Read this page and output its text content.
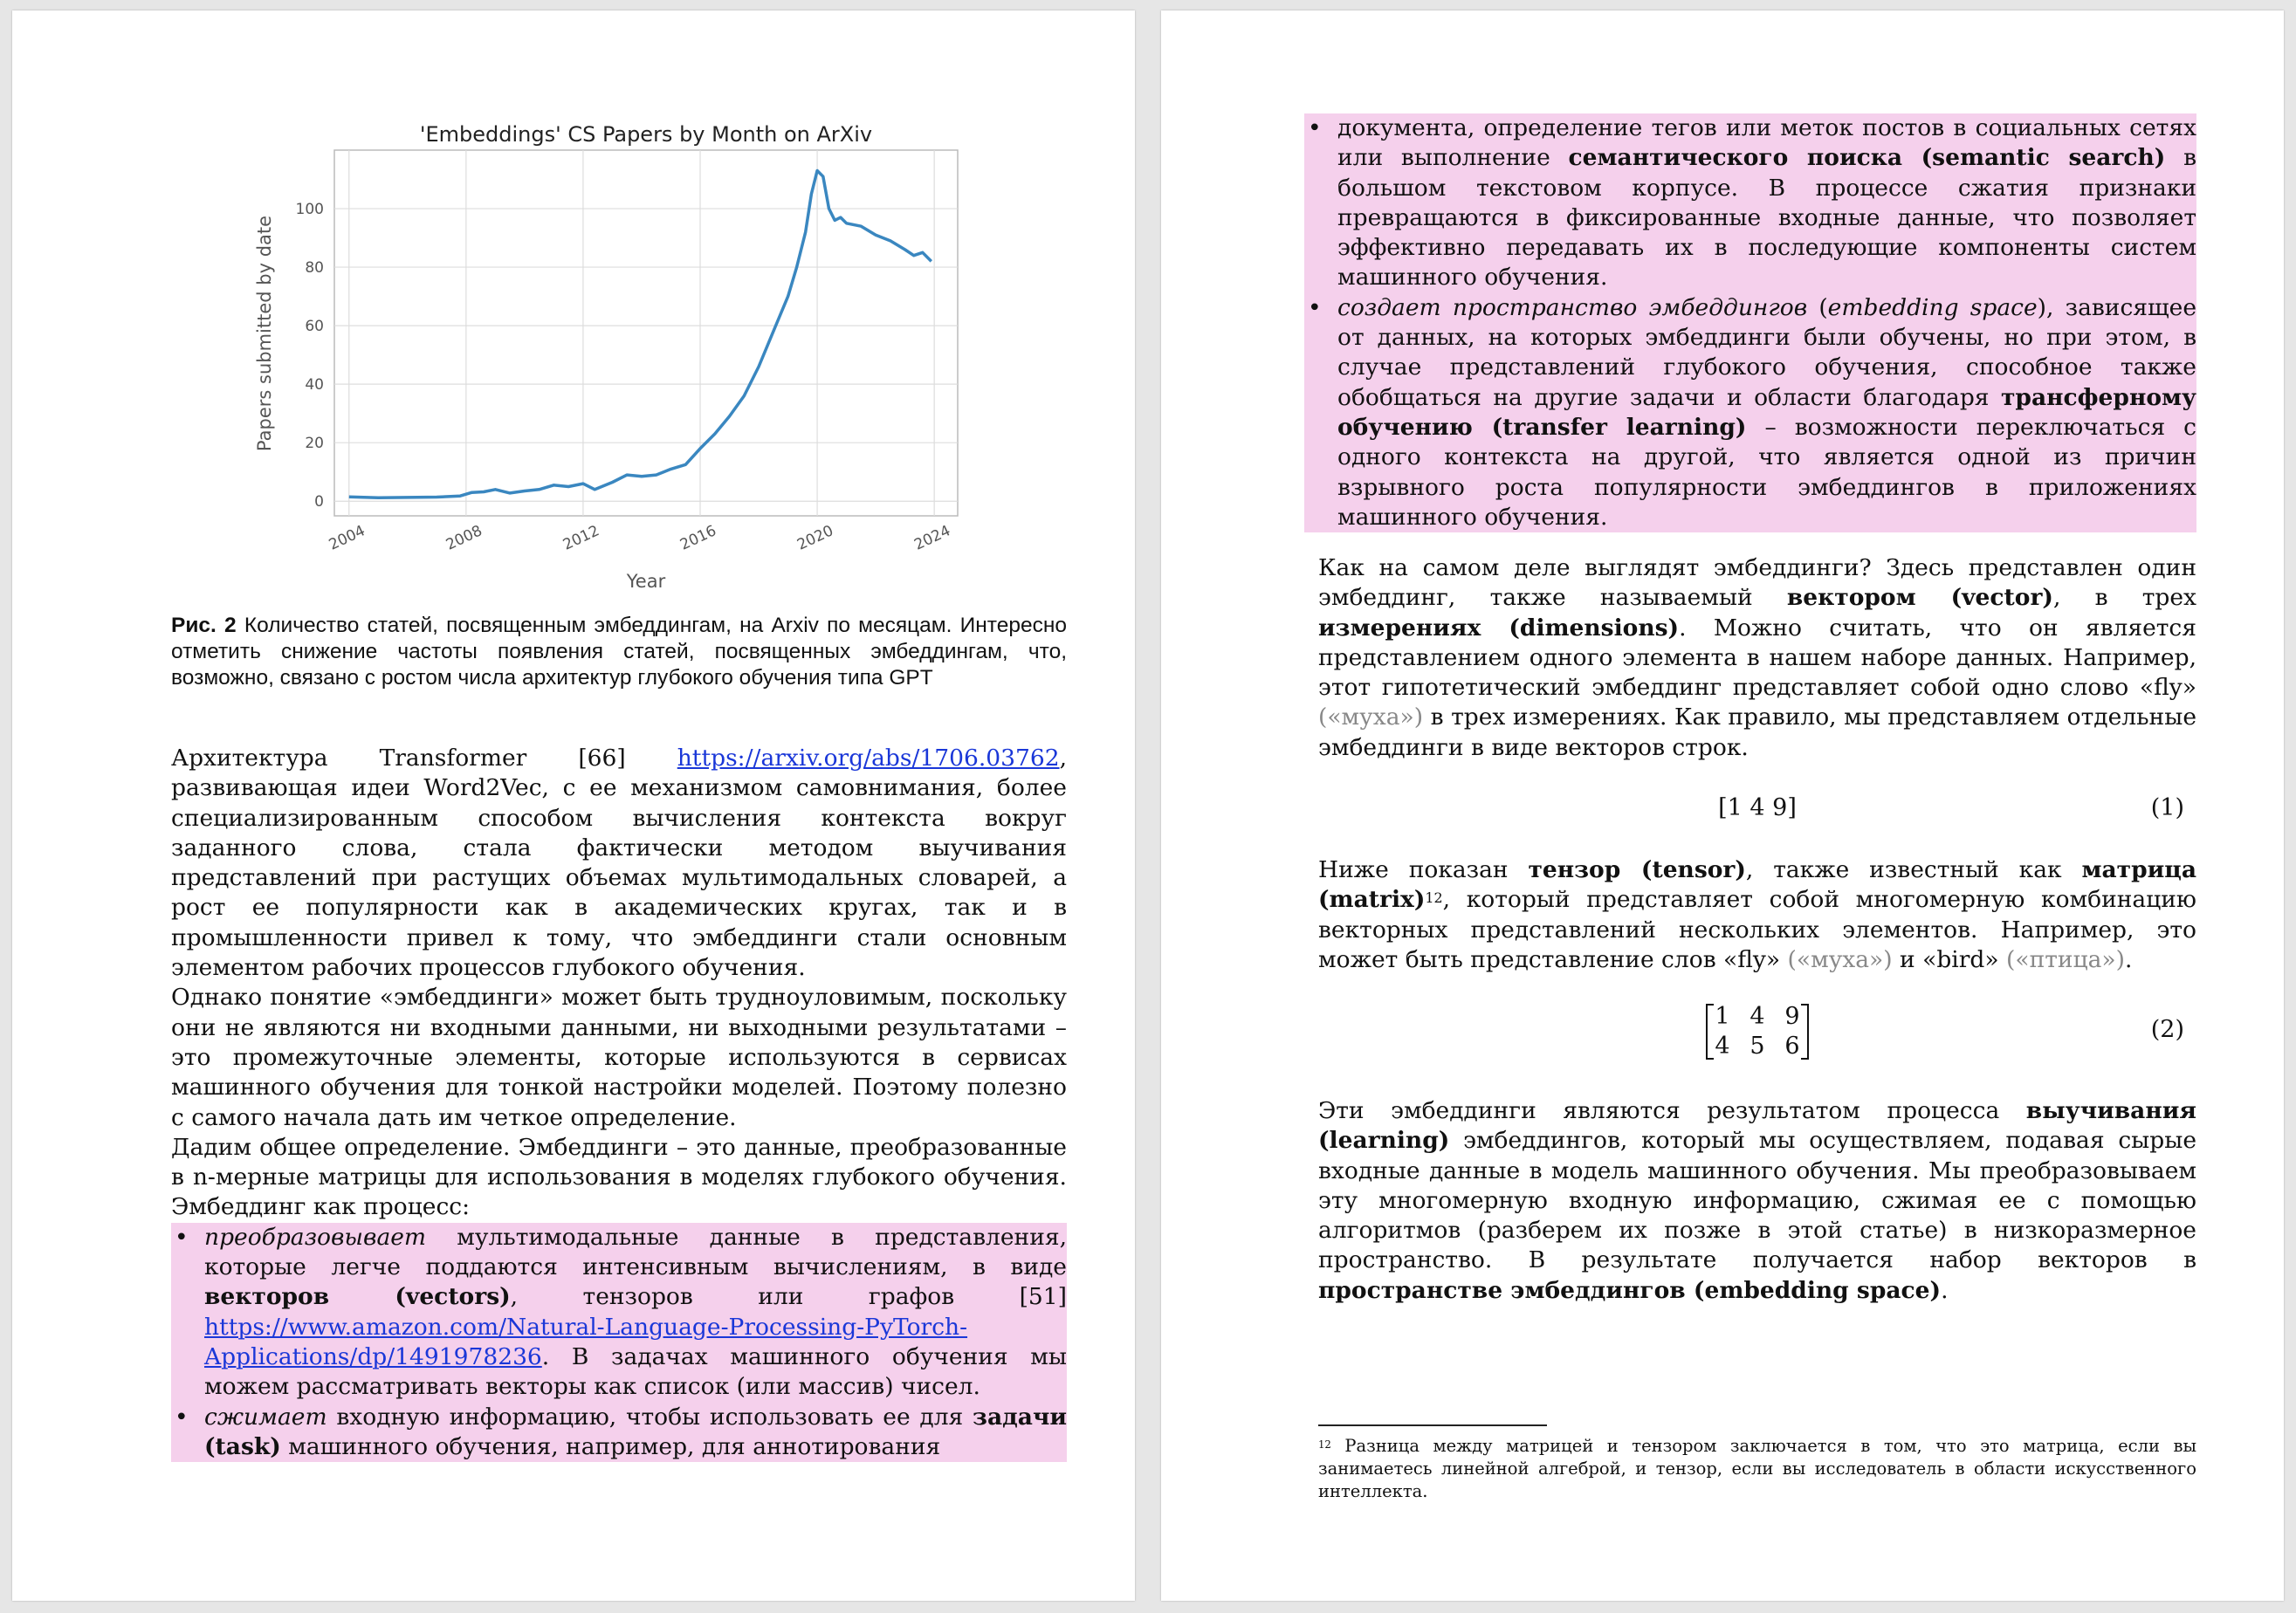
'Embeddings' CS Papers by Month on ArXiv
0
20
40
60
80
100
2004	2008	2012	2016	2020	2024
Year
Papers submitted by date
Рис. 2 Количество статей, посвященным эмбеддингам, на Arxiv по месяцам. Интересно отметить снижение частоты появления статей, посвященных эмбеддингам, что, возможно, связано с ростом числа архитектур глубокого обучения типа GPT

Архитектура Transformer [66] https://arxiv.org/abs/1706.03762, развивающая идеи Word2Vec, с ее механизмом самовнимания, более специализированным способом вычисления контекста вокруг заданного слова, стала фактически методом выучивания представлений при растущих объемах мультимодальных словарей, а рост ее популярности как в академических кругах, так и в промышленности привел к тому, что эмбеддинги стали основным элементом рабочих процессов глубокого обучения.

Однако понятие «эмбеддинги» может быть трудноуловимым, поскольку они не являются ни входными данными, ни выходными результатами – это промежуточные элементы, которые используются в сервисах машинного обучения для тонкой настройки моделей. Поэтому полезно с самого начала дать им четкое определение.

Дадим общее определение. Эмбеддинги – это данные, преобразованные в n-мерные матрицы для использования в моделях глубокого обучения. Эмбеддинг как процесс:

• преобразовывает мультимодальные данные в представления, которые легче поддаются интенсивным вычислениям, в виде векторов (vectors), тензоров или графов [51] https://www.amazon.com/Natural-Language-Processing-PyTorch-Applications/dp/1491978236. В задачах машинного обучения мы можем рассматривать векторы как список (или массив) чисел.
• сжимает входную информацию, чтобы использовать ее для задачи (task) машинного обучения, например, для аннотирования
• документа, определение тегов или меток постов в социальных сетях или выполнение семантического поиска (semantic search) в большом текстовом корпусе. В процессе сжатия признаки превращаются в фиксированные входные данные, что позволяет эффективно передавать их в последующие компоненты систем машинного обучения.
• создает пространство эмбеддингов (embedding space), зависящее от данных, на которых эмбеддинги были обучены, но при этом, в случае представлений глубокого обучения, способное также обобщаться на другие задачи и области благодаря трансферному обучению (transfer learning) – возможности переключаться с одного контекста на другой, что является одной из причин взрывного роста популярности эмбеддингов в приложениях машинного обучения.

Как на самом деле выглядят эмбеддинги? Здесь представлен один эмбеддинг, также называемый вектором (vector), в трех измерениях (dimensions). Можно считать, что он является представлением одного элемента в нашем наборе данных. Например, этот гипотетический эмбеддинг представляет собой одно слово «fly» («муха») в трех измерениях. Как правило, мы представляем отдельные эмбеддинги в виде векторов строк.

[1 4 9]	(1)

Ниже показан тензор (tensor), также известный как матрица (matrix)$^{12}$, который представляет собой многомерную комбинацию векторных представлений нескольких элементов. Например, это может быть представление слов «fly» («муха») и «bird» («птица»).

1 4 9
4 5 6
(2)

Эти эмбеддинги являются результатом процесса выучивания (learning) эмбеддингов, который мы осуществляем, подавая сырые входные данные в модель машинного обучения. Мы преобразовываем эту многомерную входную информацию, сжимая ее с помощью алгоритмов (разберем их позже в этой статье) в низкоразмерное пространство. В результате получается набор векторов в пространстве эмбеддингов (embedding space).

$^{12}$ Разница между матрицей и тензором заключается в том, что это матрица, если вы занимаетесь линейной алгеброй, и тензор, если вы исследователь в области искусственного интеллекта.
